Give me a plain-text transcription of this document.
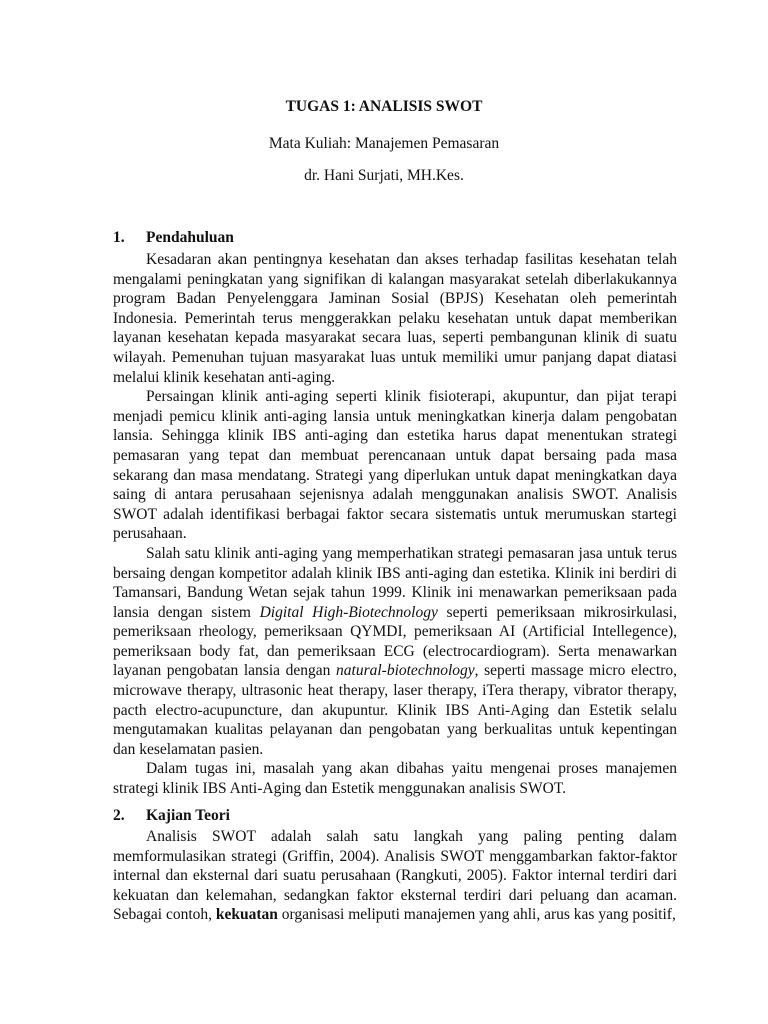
TUGAS 1: ANALISIS SWOT
Mata Kuliah: Manajemen Pemasaran
dr. Hani Surjati, MH.Kes.
1. Pendahuluan

Kesadaran akan pentingnya kesehatan dan akses terhadap fasilitas kesehatan telah mengalami peningkatan yang signifikan di kalangan masyarakat setelah diberlakukannya program Badan Penyelenggara Jaminan Sosial (BPJS) Kesehatan oleh pemerintah Indonesia. Pemerintah terus menggerakkan pelaku kesehatan untuk dapat memberikan layanan kesehatan kepada masyarakat secara luas, seperti pembangunan klinik di suatu wilayah. Pemenuhan tujuan masyarakat luas untuk memiliki umur panjang dapat diatasi melalui klinik kesehatan anti-aging.

Persaingan klinik anti-aging seperti klinik fisioterapi, akupuntur, dan pijat terapi menjadi pemicu klinik anti-aging lansia untuk meningkatkan kinerja dalam pengobatan lansia. Sehingga klinik IBS anti-aging dan estetika harus dapat menentukan strategi pemasaran yang tepat dan membuat perencanaan untuk dapat bersaing pada masa sekarang dan masa mendatang. Strategi yang diperlukan untuk dapat meningkatkan daya saing di antara perusahaan sejenisnya adalah menggunakan analisis SWOT. Analisis SWOT adalah identifikasi berbagai faktor secara sistematis untuk merumuskan startegi perusahaan.

Salah satu klinik anti-aging yang memperhatikan strategi pemasaran jasa untuk terus bersaing dengan kompetitor adalah klinik IBS anti-aging dan estetika. Klinik ini berdiri di Tamansari, Bandung Wetan sejak tahun 1999. Klinik ini menawarkan pemeriksaan pada lansia dengan sistem Digital High-Biotechnology seperti pemeriksaan mikrosirkulasi, pemeriksaan rheology, pemeriksaan QYMDI, pemeriksaan AI (Artificial Intellegence), pemeriksaan body fat, dan pemeriksaan ECG (electrocardiogram). Serta menawarkan layanan pengobatan lansia dengan natural-biotechnology, seperti massage micro electro, microwave therapy, ultrasonic heat therapy, laser therapy, iTera therapy, vibrator therapy, pacth electro-acupuncture, dan akupuntur. Klinik IBS Anti-Aging dan Estetik selalu mengutamakan kualitas pelayanan dan pengobatan yang berkualitas untuk kepentingan dan keselamatan pasien.

Dalam tugas ini, masalah yang akan dibahas yaitu mengenai proses manajemen strategi klinik IBS Anti-Aging dan Estetik menggunakan analisis SWOT.

2. Kajian Teori

Analisis SWOT adalah salah satu langkah yang paling penting dalam memformulasikan strategi (Griffin, 2004). Analisis SWOT menggambarkan faktor-faktor internal dan eksternal dari suatu perusahaan (Rangkuti, 2005). Faktor internal terdiri dari kekuatan dan kelemahan, sedangkan faktor eksternal terdiri dari peluang dan acaman. Sebagai contoh, kekuatan organisasi meliputi manajemen yang ahli, arus kas yang positif,
